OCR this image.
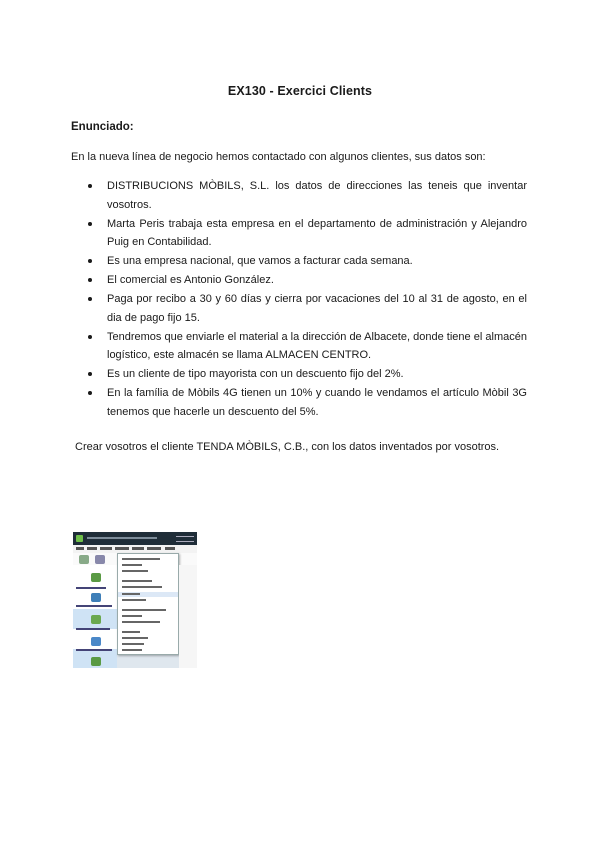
EX130 - Exercici Clients
Enunciado:
En la nueva línea de negocio hemos contactado con algunos clientes, sus datos son:
DISTRIBUCIONS MÒBILS, S.L. los datos de direcciones las teneis que inventar vosotros.
Marta Peris trabaja esta empresa en el departamento de administración y Alejandro Puig en Contabilidad.
Es una empresa nacional, que vamos a facturar cada semana.
El comercial es Antonio González.
Paga por recibo a 30 y 60 días y cierra por vacaciones del 10 al 31 de agosto, en el dia de pago fijo 15.
Tendremos que enviarle el material a la dirección de Albacete, donde tiene el almacén logístico, este almacén se llama ALMACEN CENTRO.
Es un cliente de tipo mayorista con un descuento fijo del 2%.
En la família de Mòbils 4G tienen un 10% y cuando le vendamos el artículo Mòbil 3G tenemos que hacerle un descuento del 5%.
Crear vosotros el cliente TENDA MÒBILS, C.B., con los datos inventados por vosotros.
